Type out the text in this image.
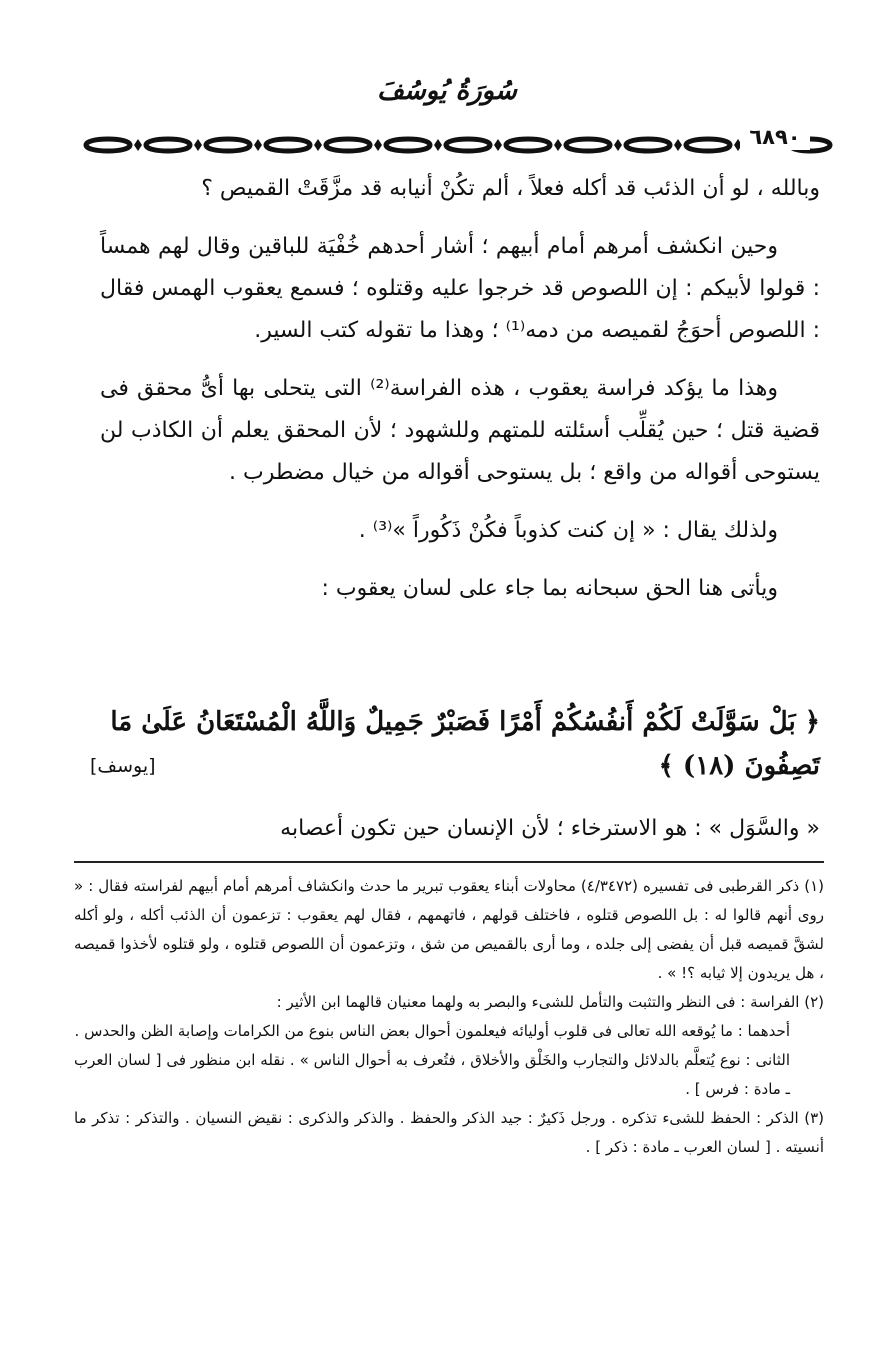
سُورَةُ يُوسُفَ
٦٨٩٠

وبالله ، لو أن الذئب قد أكله فعلاً ، ألم تكُنْ أنيابه قد مزَّقَتْ القميص ؟

وحين انكشف أمرهم أمام أبيهم ؛ أشار أحدهم خُفْيَة للباقين وقال لهم همساً : قولوا لأبيكم : إن اللصوص قد خرجوا عليه وقتلوه ؛ فسمع يعقوب الهمس فقال : اللصوص أحوَجُ لقميصه من دمه⁽¹⁾ ؛ وهذا ما تقوله كتب السير.

وهذا ما يؤكد فراسة يعقوب ، هذه الفراسة⁽²⁾ التى يتحلى بها أىُّ محقق فى قضية قتل ؛ حين يُقلِّب أسئلته للمتهم وللشهود ؛ لأن المحقق يعلم أن الكاذب لن يستوحى أقواله من واقع ؛ بل يستوحى أقواله من خيال مضطرب .

ولذلك يقال : « إن كنت كذوباً فكُنْ ذَكُوراً »⁽³⁾ .

ويأتى هنا الحق سبحانه بما جاء على لسان يعقوب :

﴿ بَلْ سَوَّلَتْ لَكُمْ أَنفُسُكُمْ أَمْرًا فَصَبْرٌ جَمِيلٌ وَاللَّهُ الْمُسْتَعَانُ عَلَىٰ مَا
تَصِفُونَ (١٨) ﴾
[يوسف]
« والسَّوَل » : هو الاسترخاء ؛ لأن الإنسان حين تكون أعصابه

(١) ذكر القرطبى فى تفسيره (٤/٣٤٧٢) محاولات أبناء يعقوب تبرير ما حدث وانكشاف أمرهم أمام أبيهم لفراسته فقال : « روى أنهم قالوا له : بل اللصوص قتلوه ، فاختلف قولهم ، فاتهمهم ، فقال لهم يعقوب : تزعمون أن الذئب أكله ، ولو أكله لشقَّ قميصه قبل أن يفضى إلى جلده ، وما أرى بالقميص من شق ، وتزعمون أن اللصوص قتلوه ، ولو قتلوه لأخذوا قميصه ، هل يريدون إلا ثيابه ؟! » .

(٢) الفراسة : فى النظر والتثبت والتأمل للشىء والبصر به ولهما معنيان قالهما ابن الأثير :

أحدهما : ما يُوقعه الله تعالى فى قلوب أوليائه فيعلمون أحوال بعض الناس بنوع من الكرامات وإصابة الظن والحدس .

الثانى : نوع يُتعلَّم بالدلائل والتجارب والخَلْق والأخلاق ، فتُعرف به أحوال الناس » . نقله ابن منظور فى [ لسان العرب ـ مادة : فرس ] .

(٣) الذكر : الحفظ للشىء تذكره . ورجل ذَكيرٌ : جيد الذكر والحفظ . والذكر والذكرى : نقيض النسيان . والتذكر : تذكر ما أنسيته . [ لسان العرب ـ مادة : ذكر ] .
